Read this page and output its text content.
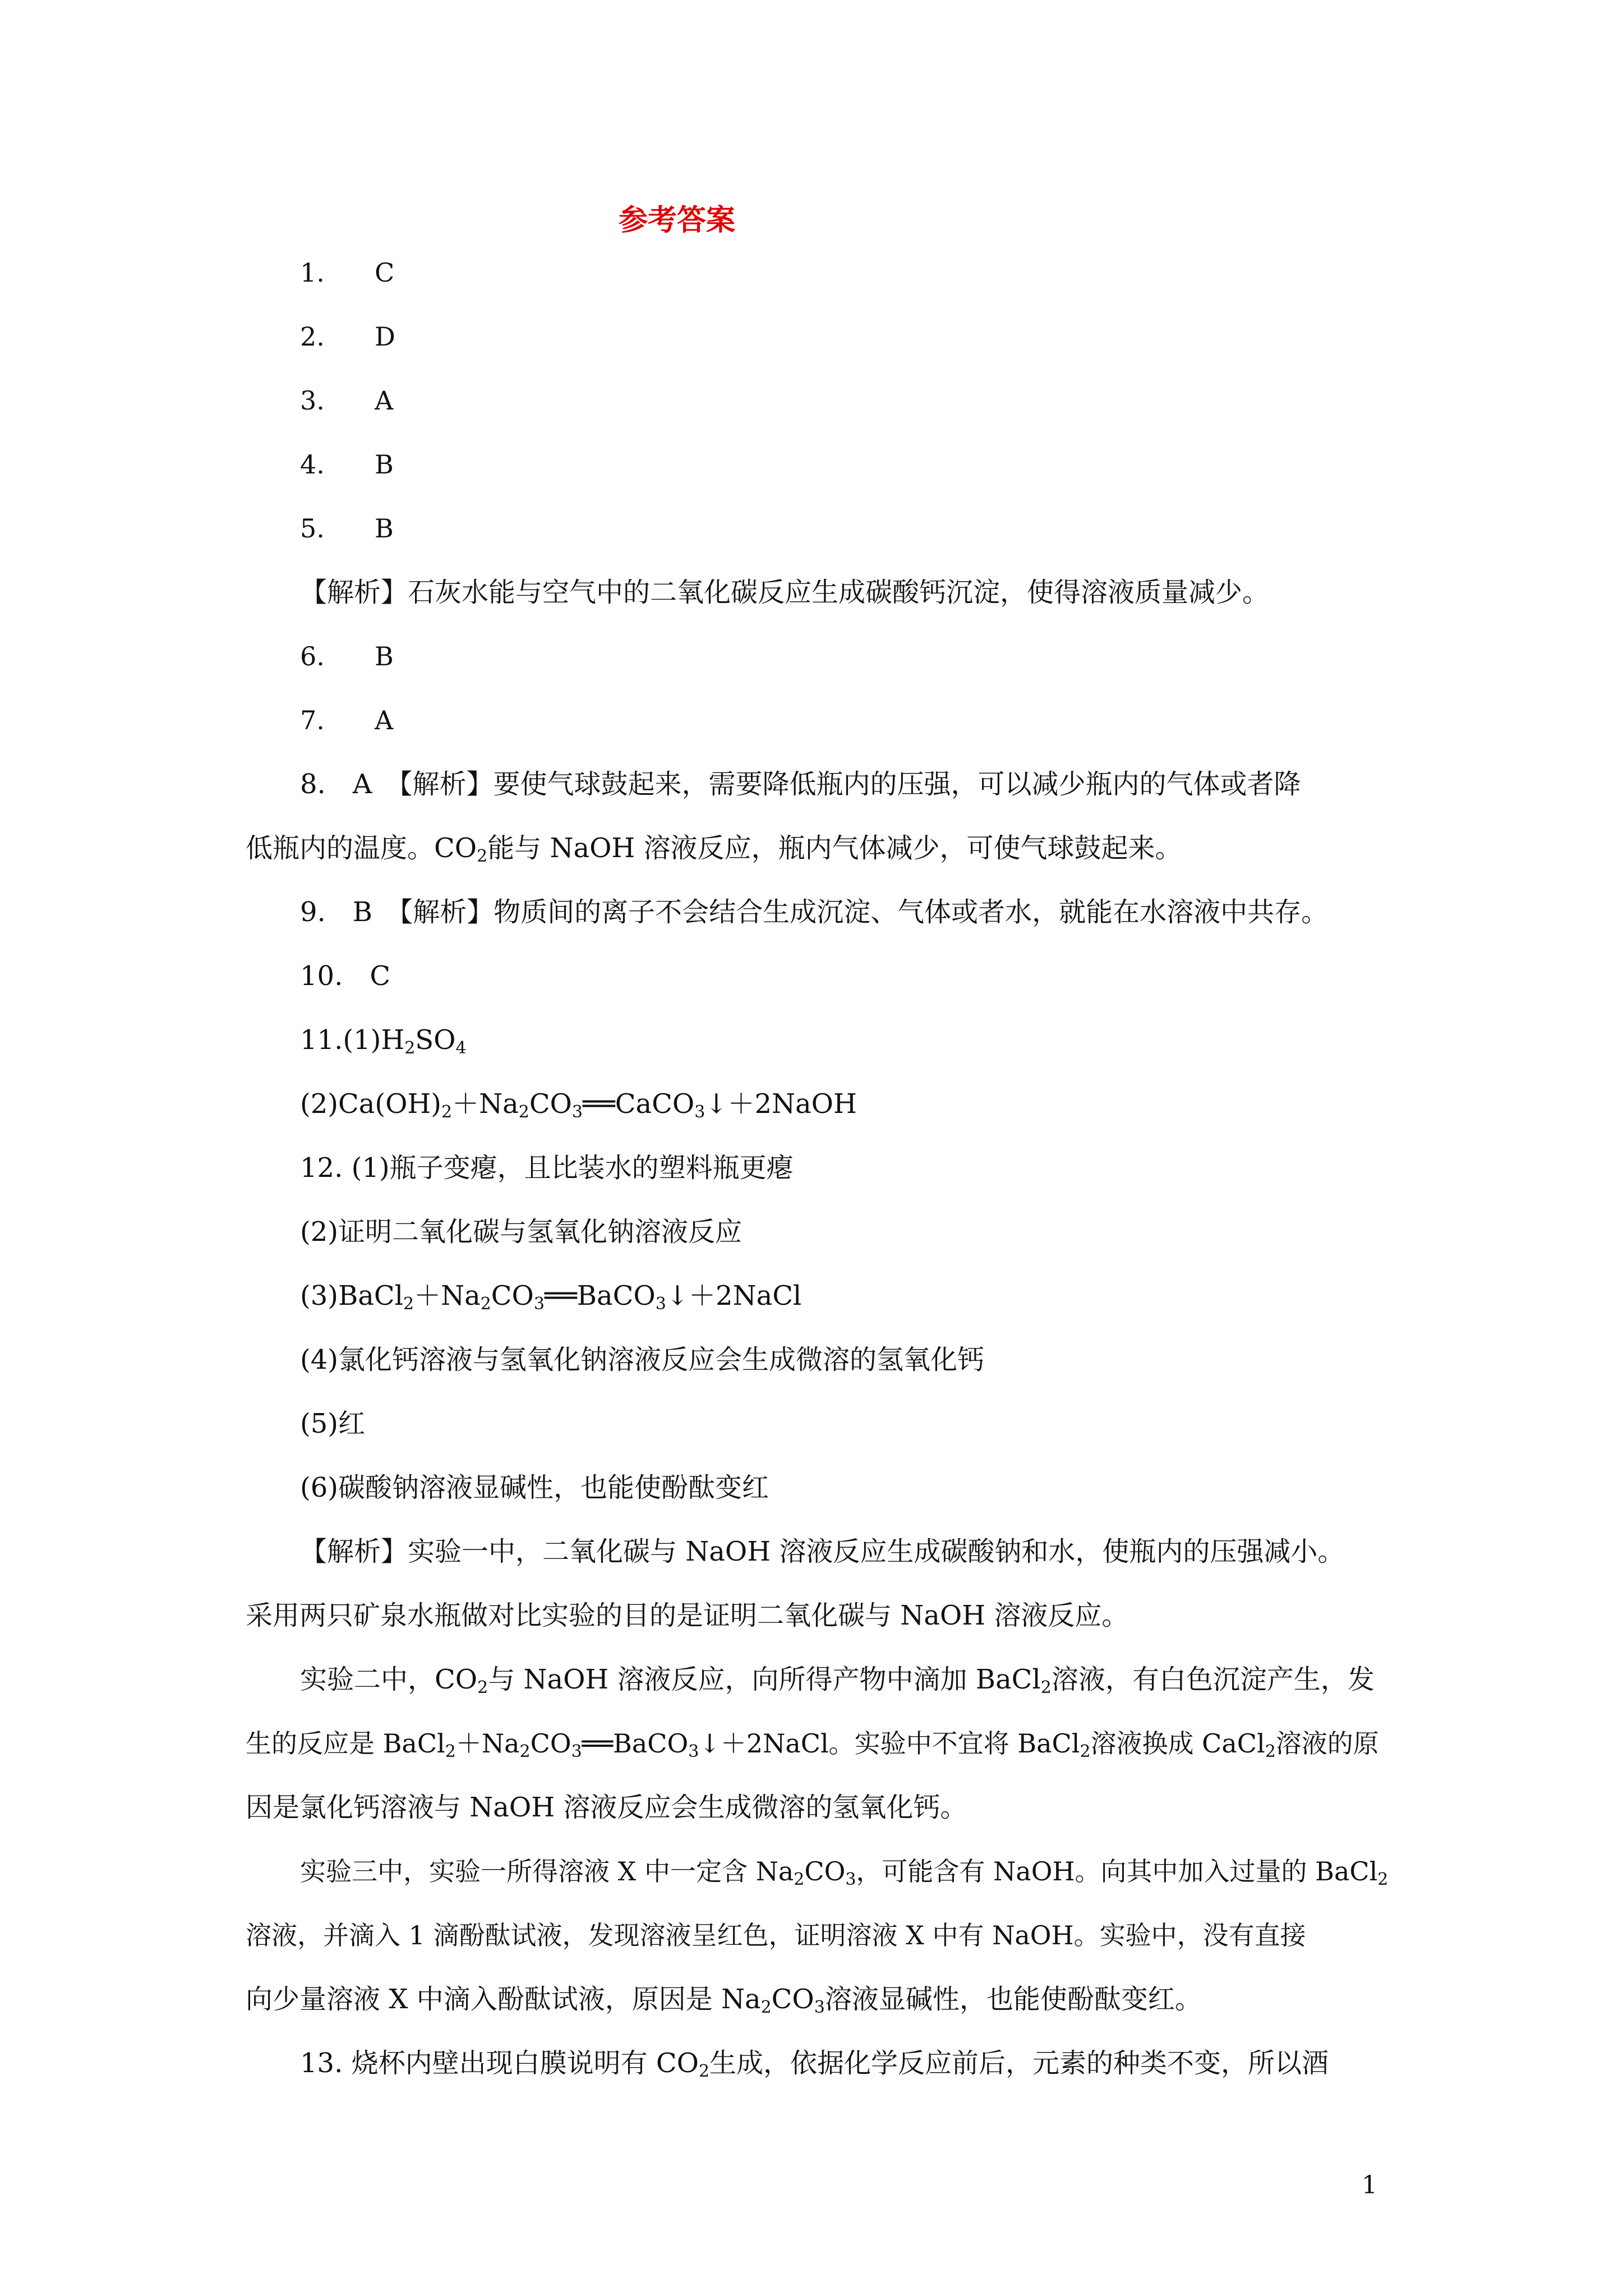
参考答案
1. C
2. D
3. A
4. B
5. B
【解析】石灰水能与空气中的二氧化碳反应生成碳酸钙沉淀，使得溶液质量减少。
6. B
7. A
8.　A　【解析】要使气球鼓起来，需要降低瓶内的压强，可以减少瓶内的气体或者降
低瓶内的温度。$CO_2$能与 NaOH 溶液反应，瓶内气体减少，可使气球鼓起来。
9.　B　【解析】物质间的离子不会结合生成沉淀、气体或者水，就能在水溶液中共存。
10.　C
$11.(1)H_2SO_4$
$(2)Ca(OH)_2+Na_2CO_3══CaCO_3↓+2NaOH$
12. (1)瓶子变瘪，且比装水的塑料瓶更瘪
(2)证明二氧化碳与氢氧化钠溶液反应
$(3)BaCl_2+Na_2CO_3══BaCO_3↓+2NaCl$
(4)氯化钙溶液与氢氧化钠溶液反应会生成微溶的氢氧化钙
(5)红
(6)碳酸钠溶液显碱性，也能使酚酞变红
【解析】实验一中，二氧化碳与 NaOH 溶液反应生成碳酸钠和水，使瓶内的压强减小。
采用两只矿泉水瓶做对比实验的目的是证明二氧化碳与 NaOH 溶液反应。
实验二中，$CO_2$与 NaOH 溶液反应，向所得产物中滴加 BaCl$_2$溶液，有白色沉淀产生，发
生的反应是 $BaCl_2+Na_2CO_3══BaCO_3↓+2NaCl$。实验中不宜将 BaCl$_2$溶液换成 CaCl$_2$溶液的原
因是氯化钙溶液与 NaOH 溶液反应会生成微溶的氢氧化钙。
实验三中，实验一所得溶液 X 中一定含 $Na_2CO_3$，可能含有 NaOH。向其中加入过量的 BaCl$_2$
溶液，并滴入 1 滴酚酞试液，发现溶液呈红色，证明溶液 X 中有 NaOH。实验中，没有直接
向少量溶液 X 中滴入酚酞试液，原因是 $Na_2CO_3$溶液显碱性，也能使酚酞变红。
13. 烧杯内壁出现白膜说明有 $CO_2$生成，依据化学反应前后，元素的种类不变，所以酒
1
